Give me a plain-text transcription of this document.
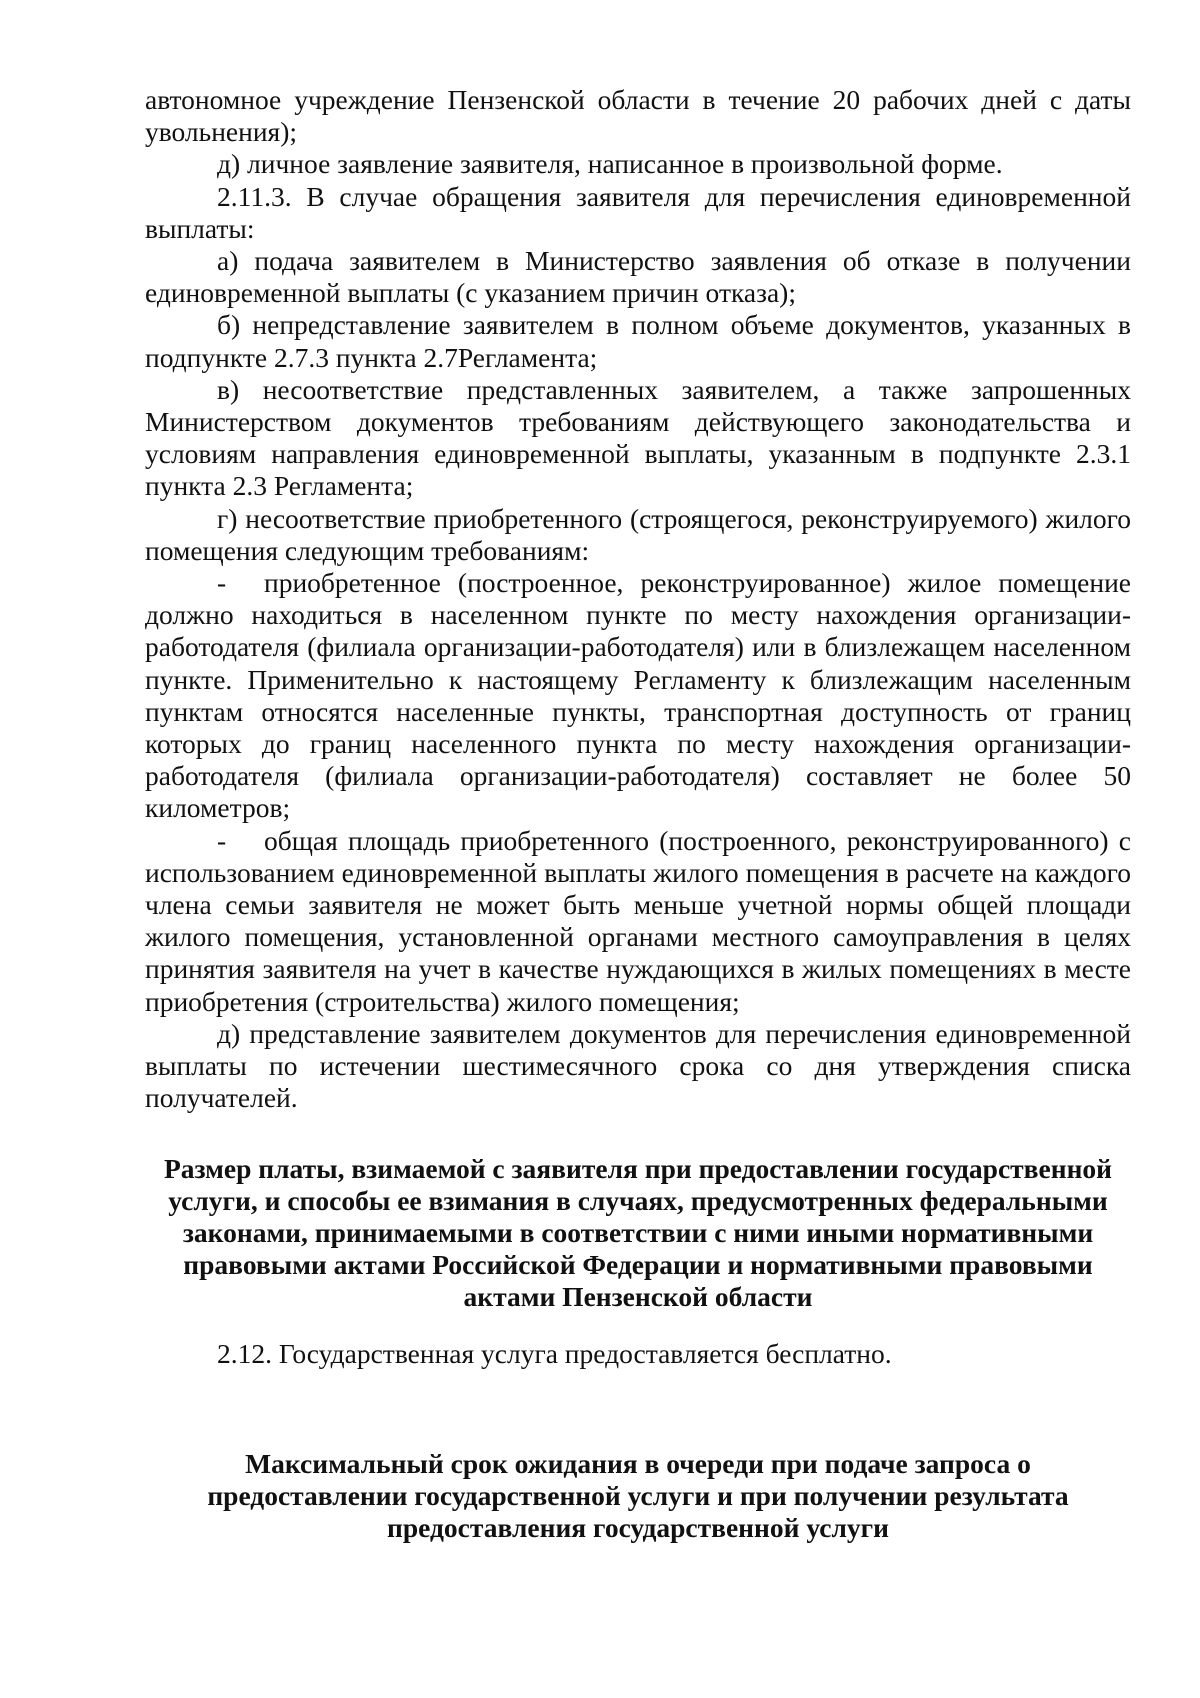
автономное учреждение Пензенской области в течение 20 рабочих дней с даты увольнения);

д) личное заявление заявителя, написанное в произвольной форме.

2.11.3. В случае обращения заявителя для перечисления единовременной выплаты:

а) подача заявителем в Министерство заявления об отказе в получении единовременной выплаты (с указанием причин отказа);

б) непредставление заявителем в полном объеме документов, указанных в подпункте 2.7.3 пункта 2.7Регламента;

в) несоответствие представленных заявителем, а также запрошенных Министерством документов требованиям действующего законодательства и условиям направления единовременной выплаты, указанным в подпункте 2.3.1 пункта 2.3 Регламента;

г) несоответствие приобретенного (строящегося, реконструируемого) жилого помещения следующим требованиям:

- приобретенное (построенное, реконструированное) жилое помещение должно находиться в населенном пункте по месту нахождения организации-работодателя (филиала организации-работодателя) или в близлежащем населенном пункте. Применительно к настоящему Регламенту к близлежащим населенным пунктам относятся населенные пункты, транспортная доступность от границ которых до границ населенного пункта по месту нахождения организации-работодателя (филиала организации-работодателя) составляет не более 50 километров;

- общая площадь приобретенного (построенного, реконструированного) с использованием единовременной выплаты жилого помещения в расчете на каждого члена семьи заявителя не может быть меньше учетной нормы общей площади жилого помещения, установленной органами местного самоуправления в целях принятия заявителя на учет в качестве нуждающихся в жилых помещениях в месте приобретения (строительства) жилого помещения;

д) представление заявителем документов для перечисления единовременной выплаты по истечении шестимесячного срока со дня утверждения списка получателей.

Размер платы, взимаемой с заявителя при предоставлении государственной услуги, и способы ее взимания в случаях, предусмотренных федеральными законами, принимаемыми в соответствии с ними иными нормативными правовыми актами Российской Федерации и нормативными правовыми актами Пензенской области

2.12. Государственная услуга предоставляется бесплатно.

Максимальный срок ожидания в очереди при подаче запроса о предоставлении государственной услуги и при получении результата предоставления государственной услуги
